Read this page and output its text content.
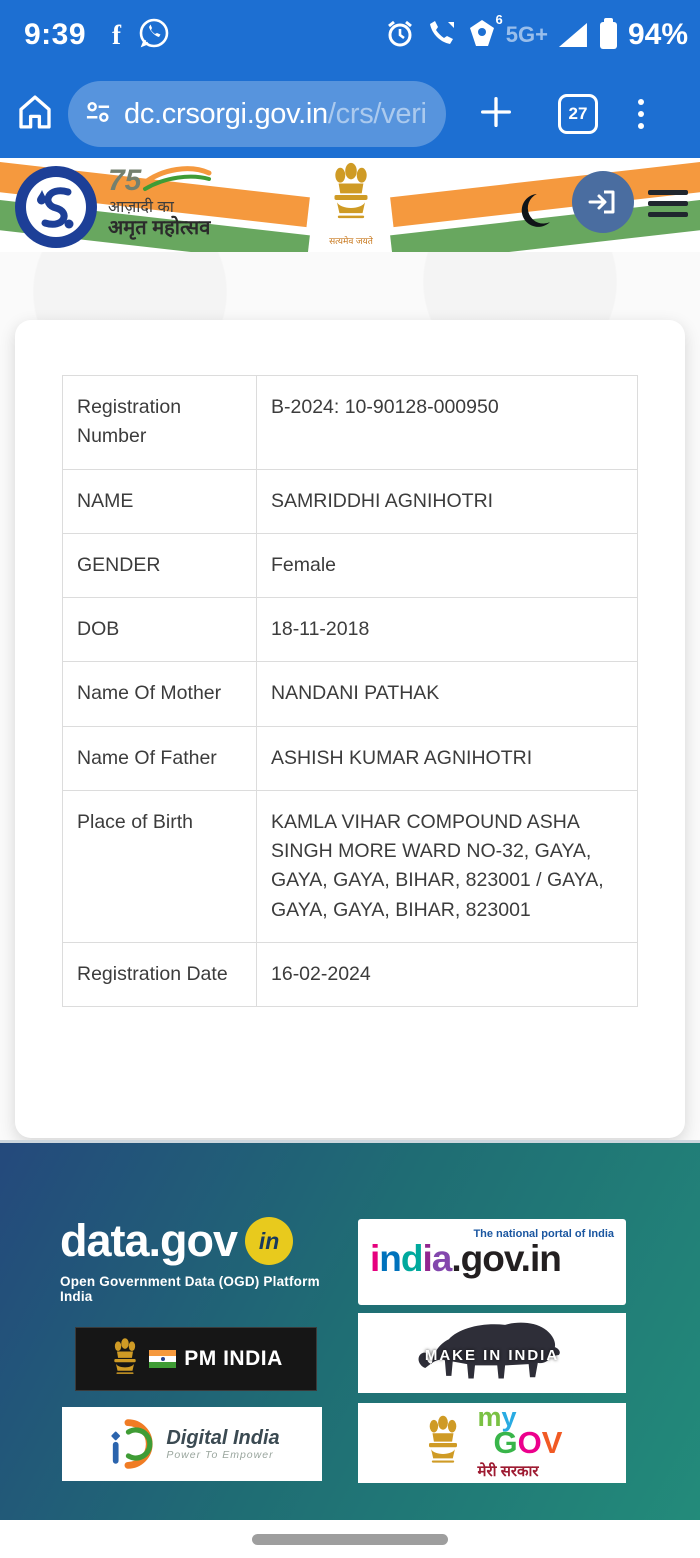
9:39 f
6
5G+	94%
dc.crsorgi.gov.in/crs/veri	27
75
आज़ादी का
अमृत महोत्सव
सत्यमेव जयते
Registration Number	B-2024: 10-90128-000950
NAME	SAMRIDDHI AGNIHOTRI
GENDER	Female
DOB	18-11-2018
Name Of Mother	NANDANI PATHAK
Name Of Father	ASHISH KUMAR AGNIHOTRI
Place of Birth	KAMLA VIHAR COMPOUND ASHA SINGH MORE WARD NO-32, GAYA, GAYA, GAYA, BIHAR, 823001 / GAYA, GAYA, GAYA, BIHAR, 823001
Registration Date	16-02-2024
data.gov in
Open Government Data (OGD) Platform India
The national portal of India
india.gov.in
PM INDIA	MAKE IN INDIA
Digital India
Power To Empower
my
GOV
मेरी सरकार
